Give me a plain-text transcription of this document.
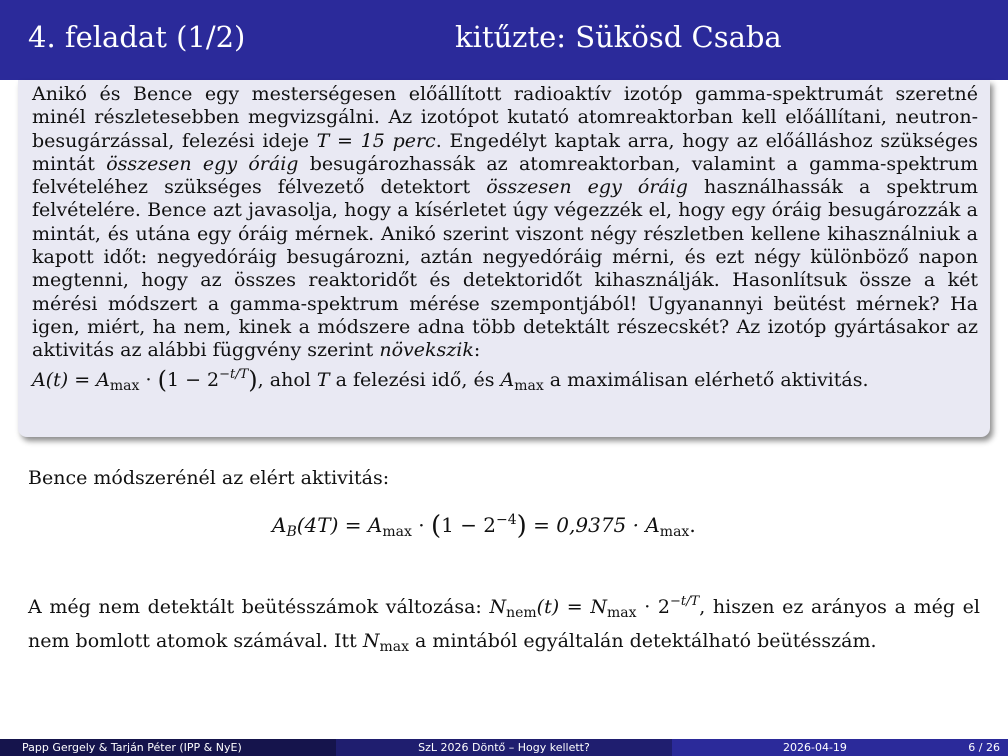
4. feladat (1/2)	kitűzte: Sükösd Csaba

Anikó és Bence egy mesterségesen előállított radioaktív izotóp gamma-spektrumát szeretné minél részletesebben megvizsgálni. Az izotópot kutató atomreaktorban kell előállítani, neutron-besugárzással, felezési ideje T = 15 perc. Engedélyt kaptak arra, hogy az előálláshoz szükséges mintát összesen egy óráig besugározhassák az atomreaktorban, valamint a gamma-spektrum felvételéhez szükséges félvezető detektort összesen egy óráig használhassák a spektrum felvételére. Bence azt javasolja, hogy a kísérletet úgy végezzék el, hogy egy óráig besugározzák a mintát, és utána egy óráig mérnek. Anikó szerint viszont négy részletben kellene kihasználniuk a kapott időt: negyedóráig besugározni, aztán negyedóráig mérni, és ezt négy különböző napon megtenni, hogy az összes reaktoridőt és detektoridőt kihasználják. Hasonlítsuk össze a két mérési módszert a gamma-spektrum mérése szempontjából! Ugyanannyi beütést mérnek? Ha igen, miért, ha nem, kinek a módszere adna több detektált részecskét? Az izotóp gyártásakor az aktivitás az alábbi függvény szerint növekszik:
$A(t) = A_{max} \cdot (1 - 2^{-t/T})$, ahol T a felezési idő, és $A_{max}$ a maximálisan elérhető aktivitás.

Bence módszerénél az elért aktivitás:
$A_B(4T) = A_{max} \cdot (1 - 2^{-4}) = 0,9375 \cdot A_{max}$.

A még nem detektált beütésszámok változása: $N_{nem}(t) = N_{max} \cdot 2^{-t/T}$, hiszen ez arányos a még el nem bomlott atomok számával. Itt $N_{max}$ a mintából egyáltalán detektálható beütésszám.

Papp Gergely & Tarján Péter (IPP & NyE)	SzL 2026 Döntő – Hogy kellett?	2026-04-19	6 / 26
